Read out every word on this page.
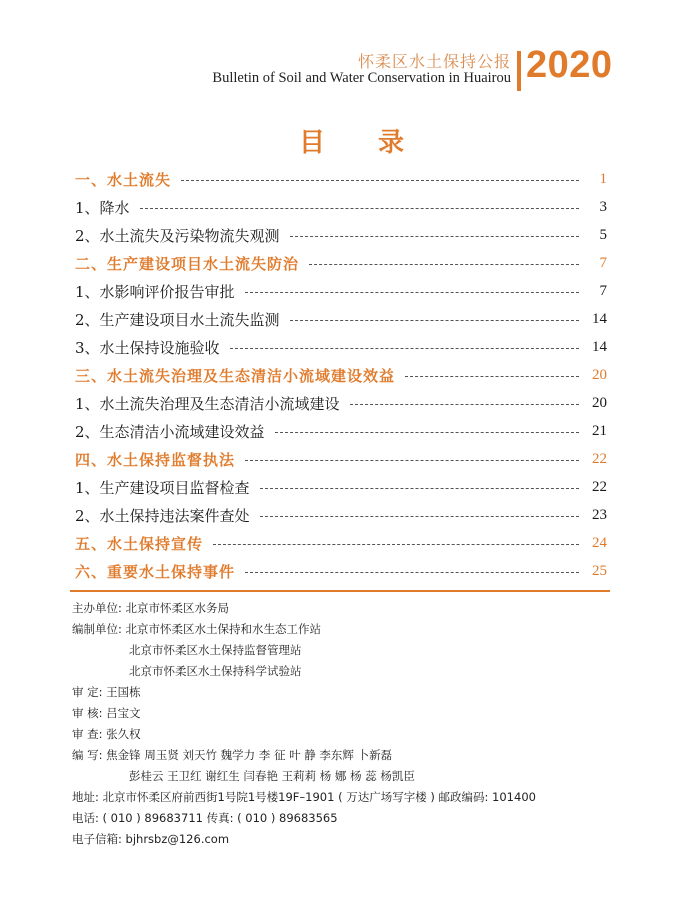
怀柔区水土保持公报
Bulletin of Soil and Water Conservation in Huairou 2020
目 录
一、水土流失	1
1、降水	3
2、水土流失及污染物流失观测	5
二、生产建设项目水土流失防治	7
1、水影响评价报告审批	7
2、生产建设项目水土流失监测	14
3、水土保持设施验收	14
三、水土流失治理及生态清洁小流域建设效益	20
1、水土流失治理及生态清洁小流域建设	20
2、生态清洁小流域建设效益	21
四、水土保持监督执法	22
1、生产建设项目监督检查	22
2、水土保持违法案件查处	23
五、水土保持宣传	24
六、重要水土保持事件	25
主办单位: 北京市怀柔区水务局
编制单位: 北京市怀柔区水土保持和水生态工作站
北京市怀柔区水土保持监督管理站
北京市怀柔区水土保持科学试验站
审 定: 王国栋
审 核: 吕宝文
审 查: 张久权
编 写: 焦金锋 周玉贤 刘天竹 魏学力 李 征 叶 静 李东辉 卜新磊
彭桂云 王卫红 谢红生 闫春艳 王莉莉 杨 娜 杨 蕊 杨凯臣
地址: 北京市怀柔区府前西街1号院1号楼19F–1901 ( 万达广场写字楼 ) 邮政编码: 101400
电话: ( 010 ) 89683711 传真: ( 010 ) 89683565
电子信箱: bjhrsbz@126.com
